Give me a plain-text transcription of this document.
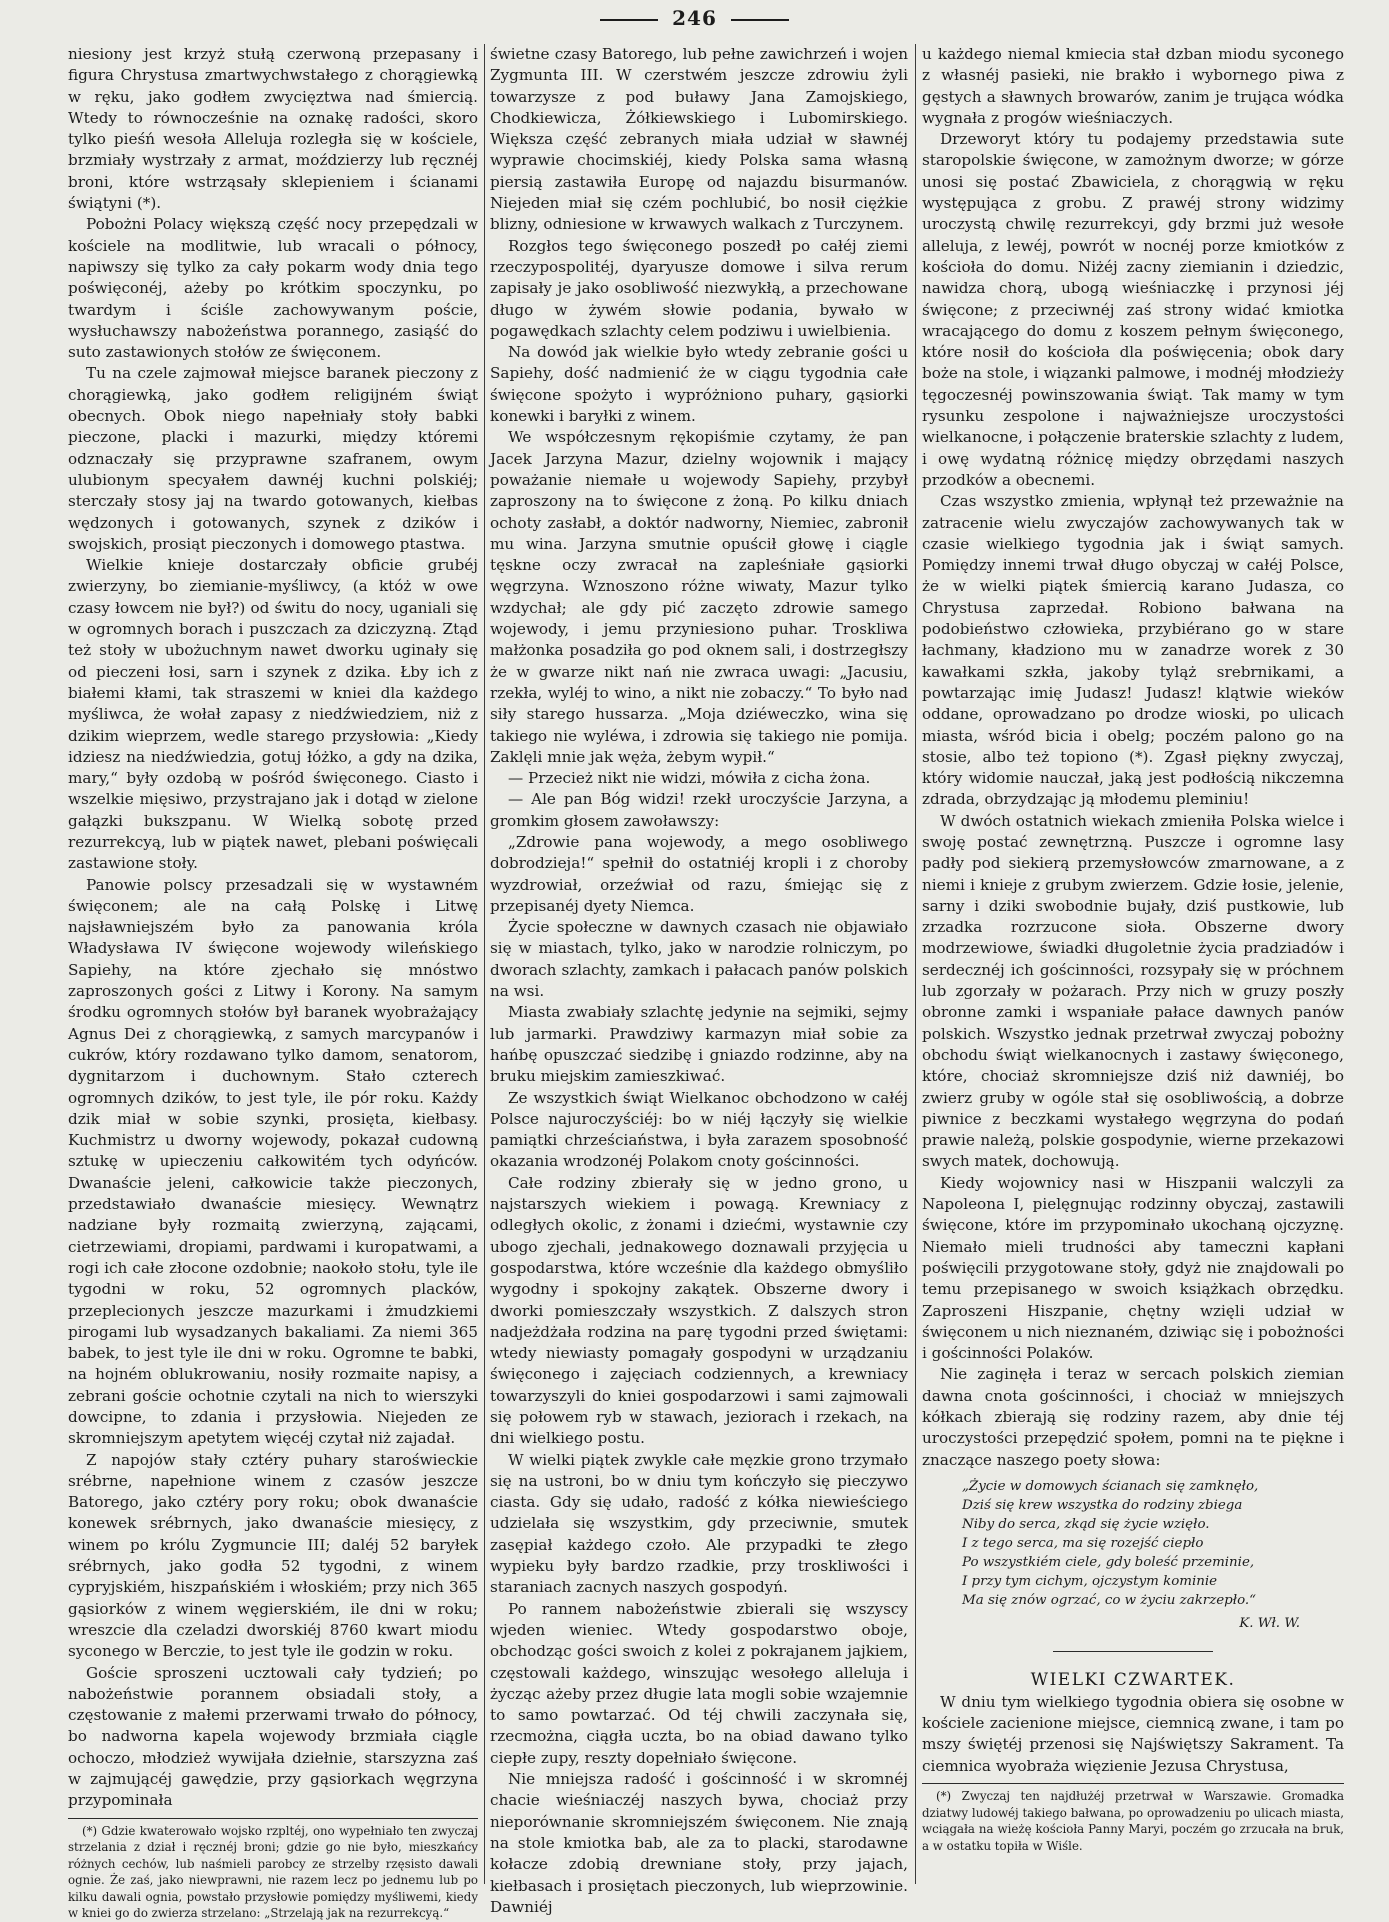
246

niesiony jest krzyż stułą czerwoną przepasany i figura Chrystusa zmartwychwstałego z chorągiewką w ręku, jako godłem zwycięztwa nad śmiercią. Wtedy to równocześnie na oznakę radości, skoro tylko pieśń wesoła Alleluja rozległa się w kościele, brzmiały wystrzały z armat, moździerzy lub ręcznéj broni, które wstrząsały sklepieniem i ścianami świątyni (*).

Pobożni Polacy większą część nocy przepędzali w kościele na modlitwie, lub wracali o północy, napiwszy się tylko za cały pokarm wody dnia tego poświęconéj, ażeby po krótkim spoczynku, po twardym i ściśle zachowywanym poście, wysłuchawszy nabożeństwa porannego, zasiąść do suto zastawionych stołów ze święconem.

Tu na czele zajmował miejsce baranek pieczony z chorągiewką, jako godłem religijném świąt obecnych. Obok niego napełniały stoły babki pieczone, placki i mazurki, między któremi odznaczały się przyprawne szafranem, owym ulubionym specyałem dawnéj kuchni polskiéj; sterczały stosy jaj na twardo gotowanych, kiełbas wędzonych i gotowanych, szynek z dzików i swojskich, prosiąt pieczonych i domowego ptastwa.

Wielkie knieje dostarczały obficie grubéj zwierzyny, bo ziemianie-myśliwcy, (a któż w owe czasy łowcem nie był?) od świtu do nocy, uganiali się w ogromnych borach i puszczach za dziczyzną. Ztąd też stoły w ubożuchnym nawet dworku uginały się od pieczeni łosi, sarn i szynek z dzika. Łby ich z białemi kłami, tak straszemi w kniei dla każdego myśliwca, że wołał zapasy z niedźwiedziem, niż z dzikim wieprzem, wedle starego przysłowia: „Kiedy idziesz na niedźwiedzia, gotuj łóżko, a gdy na dzika, mary,“ były ozdobą w pośród święconego. Ciasto i wszelkie mięsiwo, przystrajano jak i dotąd w zielone gałązki bukszpanu. W Wielką sobotę przed rezurrekcyą, lub w piątek nawet, plebani poświęcali zastawione stoły.

Panowie polscy przesadzali się w wystawném święconem; ale na całą Polskę i Litwę najsławniejszém było za panowania króla Władysława IV święcone wojewody wileńskiego Sapiehy, na które zjechało się mnóstwo zaproszonych gości z Litwy i Korony. Na samym środku ogromnych stołów był baranek wyobrażający Agnus Dei z chorągiewką, z samych marcypanów i cukrów, który rozdawano tylko damom, senatorom, dygnitarzom i duchownym. Stało czterech ogromnych dzików, to jest tyle, ile pór roku. Każdy dzik miał w sobie szynki, prosięta, kiełbasy. Kuchmistrz u dworny wojewody, pokazał cudowną sztukę w upieczeniu całkowitém tych odyńców. Dwanaście jeleni, całkowicie także pieczonych, przedstawiało dwanaście miesięcy. Wewnątrz nadziane były rozmaitą zwierzyną, zającami, cietrzewiami, dropiami, pardwami i kuropatwami, a rogi ich całe złocone ozdobnie; naokoło stołu, tyle ile tygodni w roku, 52 ogromnych placków, przeplecionych jeszcze mazurkami i żmudzkiemi pirogami lub wysadzanych bakaliami. Za niemi 365 babek, to jest tyle ile dni w roku. Ogromne te babki, na hojném oblukrowaniu, nosiły rozmaite napisy, a zebrani goście ochotnie czytali na nich to wierszyki dowcipne, to zdania i przysłowia. Niejeden ze skromniejszym apetytem więcéj czytał niż zajadał.

Z napojów stały cztéry puhary staroświeckie srébrne, napełnione winem z czasów jeszcze Batorego, jako cztéry pory roku; obok dwanaście konewek srébrnych, jako dwanaście miesięcy, z winem po królu Zygmuncie III; daléj 52 baryłek srébrnych, jako godła 52 tygodni, z winem cypryjskiém, hiszpańskiém i włoskiém; przy nich 365 gąsiorków z winem węgierskiém, ile dni w roku; wreszcie dla czeladzi dworskiéj 8760 kwart miodu syconego w Berczie, to jest tyle ile godzin w roku.

Goście sproszeni ucztowali cały tydzień; po nabożeństwie porannem obsiadali stoły, a częstowanie z małemi przerwami trwało do północy, bo nadworna kapela wojewody brzmiała ciągle ochoczo, młodzież wywijała dziełnie, starszyzna zaś w zajmującéj gawędzie, przy gąsiorkach węgrzyna przypominała

(*) Gdzie kwaterowało wojsko rzpltéj, ono wypełniało ten zwyczaj strzelania z dział i ręcznéj broni; gdzie go nie było, mieszkańcy różnych cechów, lub naśmieli parobcy ze strzelby rzęsisto dawali ognie. Że zaś, jako niewprawni, nie razem lecz po jednemu lub po kilku dawali ognia, powstało przysłowie pomiędzy myśliwemi, kiedy w kniei go do zwierza strzelano: „Strzelają jak na rezurrekcyą.“

świetne czasy Batorego, lub pełne zawichrzeń i wojen Zygmunta III. W czerstwém jeszcze zdrowiu żyli towarzysze z pod buławy Jana Zamojskiego, Chodkiewicza, Żółkiewskiego i Lubomirskiego. Większa część zebranych miała udział w sławnéj wyprawie chocimskiéj, kiedy Polska sama własną piersią zastawiła Europę od najazdu bisurmanów. Niejeden miał się czém pochlubić, bo nosił ciężkie blizny, odniesione w krwawych walkach z Turczynem.

Rozgłos tego święconego poszedł po całéj ziemi rzeczypospolitéj, dyaryusze domowe i silva rerum zapisały je jako osobliwość niezwykłą, a przechowane długo w żywém słowie podania, bywało w pogawędkach szlachty celem podziwu i uwielbienia.

Na dowód jak wielkie było wtedy zebranie gości u Sapiehy, dość nadmienić że w ciągu tygodnia całe święcone spożyto i wypróżniono puhary, gąsiorki konewki i baryłki z winem.

We współczesnym rękopiśmie czytamy, że pan Jacek Jarzyna Mazur, dzielny wojownik i mający poważanie niemałe u wojewody Sapiehy, przybył zaproszony na to święcone z żoną. Po kilku dniach ochoty zasłabł, a doktór nadworny, Niemiec, zabronił mu wina. Jarzyna smutnie opuścił głowę i ciągle tęskne oczy zwracał na zapleśniałe gąsiorki węgrzyna. Wznoszono różne wiwaty, Mazur tylko wzdychał; ale gdy pić zaczęto zdrowie samego wojewody, i jemu przyniesiono puhar. Troskliwa małżonka posadziła go pod oknem sali, i dostrzegłszy że w gwarze nikt nań nie zwraca uwagi: „Jacusiu, rzekła, wyléj to wino, a nikt nie zobaczy.“ To było nad siły starego hussarza. „Moja dziéweczko, wina się takiego nie wyléwa, i zdrowia się takiego nie pomija. Zaklęli mnie jak węża, żebym wypił.“

— Przecież nikt nie widzi, mówiła z cicha żona.

— Ale pan Bóg widzi! rzekł uroczyście Jarzyna, a gromkim głosem zawoławszy:

„Zdrowie pana wojewody, a mego osobliwego dobrodzieja!“ spełnił do ostatniéj kropli i z choroby wyzdrowiał, orzeźwiał od razu, śmiejąc się z przepisanéj dyety Niemca.

Życie społeczne w dawnych czasach nie objawiało się w miastach, tylko, jako w narodzie rolniczym, po dworach szlachty, zamkach i pałacach panów polskich na wsi.

Miasta zwabiały szlachtę jedynie na sejmiki, sejmy lub jarmarki. Prawdziwy karmazyn miał sobie za hańbę opuszczać siedzibę i gniazdo rodzinne, aby na bruku miejskim zamieszkiwać.

Ze wszystkich świąt Wielkanoc obchodzono w całéj Polsce najuroczyściéj: bo w niéj łączyły się wielkie pamiątki chrześciaństwa, i była zarazem sposobność okazania wrodzonéj Polakom cnoty gościnności.

Całe rodziny zbierały się w jedno grono, u najstarszych wiekiem i powagą. Krewniacy z odległych okolic, z żonami i dziećmi, wystawnie czy ubogo zjechali, jednakowego doznawali przyjęcia u gospodarstwa, które wcześnie dla każdego obmyśliło wygodny i spokojny zakątek. Obszerne dwory i dworki pomieszczały wszystkich. Z dalszych stron nadjeżdżała rodzina na parę tygodni przed świętami: wtedy niewiasty pomagały gospodyni w urządzaniu święconego i zajęciach codziennych, a krewniacy towarzyszyli do kniei gospodarzowi i sami zajmowali się połowem ryb w stawach, jeziorach i rzekach, na dni wielkiego postu.

W wielki piątek zwykle całe męzkie grono trzymało się na ustroni, bo w dniu tym kończyło się pieczywo ciasta. Gdy się udało, radość z kółka niewieściego udzielała się wszystkim, gdy przeciwnie, smutek zasępiał każdego czoło. Ale przypadki te złego wypieku były bardzo rzadkie, przy troskliwości i staraniach zacnych naszych gospodyń.

Po rannem nabożeństwie zbierali się wszyscy wjeden wieniec. Wtedy gospodarstwo oboje, obchodząc gości swoich z kolei z pokrajanem jajkiem, częstowali każdego, winszując wesołego alleluja i życząc ażeby przez długie lata mogli sobie wzajemnie to samo powtarzać. Od téj chwili zaczynała się, rzecmożna, ciągła uczta, bo na obiad dawano tylko ciepłe zupy, reszty dopełniało święcone.

Nie mniejsza radość i gościnność i w skromnéj chacie wieśniaczéj naszych bywa, chociaż przy nieporównanie skromniejszém święconem. Nie znają na stole kmiotka bab, ale za to placki, starodawne kołacze zdobią drewniane stoły, przy jajach, kiełbasach i prosiętach pieczonych, lub wieprzowinie. Dawniéj

u każdego niemal kmiecia stał dzban miodu syconego z własnéj pasieki, nie brakło i wybornego piwa z gęstych a sławnych browarów, zanim je trująca wódka wygnała z progów wieśniaczych.

Drzeworyt który tu podajemy przedstawia sute staropolskie święcone, w zamożnym dworze; w górze unosi się postać Zbawiciela, z chorągwią w ręku występująca z grobu. Z prawéj strony widzimy uroczystą chwilę rezurrekcyi, gdy brzmi już wesołe alleluja, z lewéj, powrót w nocnéj porze kmiotków z kościoła do domu. Niżéj zacny ziemianin i dziedzic, nawidza chorą, ubogą wieśniaczkę i przynosi jéj święcone; z przeciwnéj zaś strony widać kmiotka wracającego do domu z koszem pełnym święconego, które nosił do kościoła dla poświęcenia; obok dary boże na stole, i wiązanki palmowe, i modnéj młodzieży tęgoczesnéj powinszowania świąt. Tak mamy w tym rysunku zespolone i najważniejsze uroczystości wielkanocne, i połączenie braterskie szlachty z ludem, i owę wydatną różnicę między obrzędami naszych przodków a obecnemi.

Czas wszystko zmienia, wpłynął też przeważnie na zatracenie wielu zwyczajów zachowywanych tak w czasie wielkiego tygodnia jak i świąt samych. Pomiędzy innemi trwał długo obyczaj w całéj Polsce, że w wielki piątek śmiercią karano Judasza, co Chrystusa zaprzedał. Robiono bałwana na podobieństwo człowieka, przybiérano go w stare łachmany, kładziono mu w zanadrze worek z 30 kawałkami szkła, jakoby tyląż srebrnikami, a powtarzając imię Judasz! Judasz! klątwie wieków oddane, oprowadzano po drodze wioski, po ulicach miasta, wśród bicia i obelg; poczém palono go na stosie, albo też topiono (*). Zgasł piękny zwyczaj, który widomie nauczał, jaką jest podłością nikczemna zdrada, obrzydzając ją młodemu pleminiu!

W dwóch ostatnich wiekach zmieniła Polska wielce i swoję postać zewnętrzną. Puszcze i ogromne lasy padły pod siekierą przemysłowców zmarnowane, a z niemi i knieje z grubym zwierzem. Gdzie łosie, jelenie, sarny i dziki swobodnie bujały, dziś pustkowie, lub zrzadka rozrzucone sioła. Obszerne dwory modrzewiowe, świadki długoletnie życia pradziadów i serdecznéj ich gościnności, rozsypały się w próchnem lub zgorzały w pożarach. Przy nich w gruzy poszły obronne zamki i wspaniałe pałace dawnych panów polskich. Wszystko jednak przetrwał zwyczaj pobożny obchodu świąt wielkanocnych i zastawy święconego, które, chociaż skromniejsze dziś niż dawniéj, bo zwierz gruby w ogóle stał się osobliwością, a dobrze piwnice z beczkami wystałego węgrzyna do podań prawie należą, polskie gospodynie, wierne przekazowi swych matek, dochowują.

Kiedy wojownicy nasi w Hiszpanii walczyli za Napoleona I, pielęgnując rodzinny obyczaj, zastawili święcone, które im przypominało ukochaną ojczyznę. Niemało mieli trudności aby tameczni kapłani poświęcili przygotowane stoły, gdyż nie znajdowali po temu przepisanego w swoich książkach obrzędku. Zaproszeni Hiszpanie, chętny wzięli udział w święconem u nich nieznaném, dziwiąc się i pobożności i gościnności Polaków.

Nie zaginęła i teraz w sercach polskich ziemian dawna cnota gościnności, i chociaż w mniejszych kółkach zbierają się rodziny razem, aby dnie téj uroczystości przepędzić społem, pomni na te piękne i znaczące naszego poety słowa:

„Życie w domowych ścianach się zamknęło,
Dziś się krew wszystka do rodziny zbiega
Niby do serca, zkąd się życie wzięło.
I z tego serca, ma się rozejść ciepło
Po wszystkiém ciele, gdy boleść przeminie,
I przy tym cichym, ojczystym kominie
Ma się znów ogrzać, co w życiu zakrzepło.“
K. Wł. W.
WIELKI CZWARTEK.

W dniu tym wielkiego tygodnia obiera się osobne w kościele zacienione miejsce, ciemnicą zwane, i tam po mszy świętéj przenosi się Najświętszy Sakrament. Ta ciemnica wyobraża więzienie Jezusa Chrystusa,

(*) Zwyczaj ten najdłużéj przetrwał w Warszawie. Gromadka dziatwy ludowéj takiego bałwana, po oprowadzeniu po ulicach miasta, wciągała na wieżę kościoła Panny Maryi, poczém go zrzucała na bruk, a w ostatku topiła w Wiśle.
